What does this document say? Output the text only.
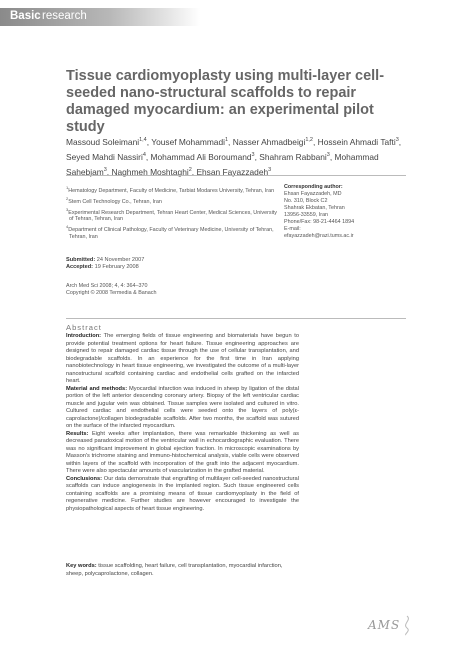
Basic research
Tissue cardiomyoplasty using multi-layer cell-seeded nano-structural scaffolds to repair damaged myocardium: an experimental pilot study
Massoud Soleimani$^{1,4}$, Yousef Mohammadi$^1$, Nasser Ahmadbeigi$^{1,2}$, Hossein Ahmadi Tafti$^3$, Seyed Mahdi Nassiri$^4$, Mohammad Ali Boroumand$^3$, Shahram Rabbani$^3$, Mohammad Sahebjam$^3$, Naghmeh Moshtaghi$^2$, Ehsan Fayazzadeh$^3$
$^1$Hematology Department, Faculty of Medicine, Tarbiat Modares University, Tehran, Iran
$^2$Stem Cell Technology Co., Tehran, Iran
$^3$Experimental Research Department, Tehran Heart Center, Medical Sciences, University
of Tehran, Tehran, Iran
$^4$Department of Clinical Pathology, Faculty of Veterinary Medicine, University of Tehran,
Tehran, Iran
Corresponding author:
Ehsan Fayazzadeh, MD
No. 310, Block C2
Shahrak Ekbatan, Tehran
13956-33559, Iran
Phone/Fax: 98-21-4464 1894
E-mail:
efayazzadeh@razi.tums.ac.ir
Submitted: 24 November 2007
Accepted: 19 February 2008
Arch Med Sci 2008; 4, 4: 364–370
Copyright © 2008 Termedia & Banach
Abstract

Introduction: The emerging fields of tissue engineering and biomaterials have begun to provide potential treatment options for heart failure. Tissue engineering approaches are designed to repair damaged cardiac tissue through the use of cellular transplantation, and biodegradable scaffolds. In an experience for the first time in Iran applying nanobiotechnology in heart tissue engineering, we investigated the outcome of a multi-layer nanostructural scaffold containing cardiac and endothelial cells grafted on the infarcted heart.

Material and methods: Myocardial infarction was induced in sheep by ligation of the distal portion of the left anterior descending coronary artery. Biopsy of the left ventricular cardiac muscle and jugular vein was obtained. Tissue samples were isolated and cultured in vitro. Cultured cardiac and endothelial cells were seeded onto the layers of poly(ε-caprolactone)/collagen biodegradable scaffolds. After two months, the scaffold was sutured on the surface of the infarcted myocardium.

Results: Eight weeks after implantation, there was remarkable thickening as well as decreased paradoxical motion of the ventricular wall in echocardiographic evaluation. There was no significant improvement in global ejection fraction. In microscopic examinations by Masson's trichrome staining and immuno-histochemical analysis, viable cells were observed within layers of the scaffold with incorporation of the graft into the adjacent myocardium. There were also spectacular amounts of vascularization in the grafted material.

Conclusions: Our data demonstrate that engrafting of multilayer cell-seeded nanostructural scaffolds can induce angiogenesis in the implanted region. Such tissue engineered cells containing scaffolds are a promising means of tissue cardiomyoplasty in the field of regenerative medicine. Further studies are however encouraged to investigate the physiopathological aspects of heart tissue engineering.

Key words: tissue scaffolding, heart failure, cell transplantation, myocardial infarction, sheep, polycaprolactone, collagen.
AMS
